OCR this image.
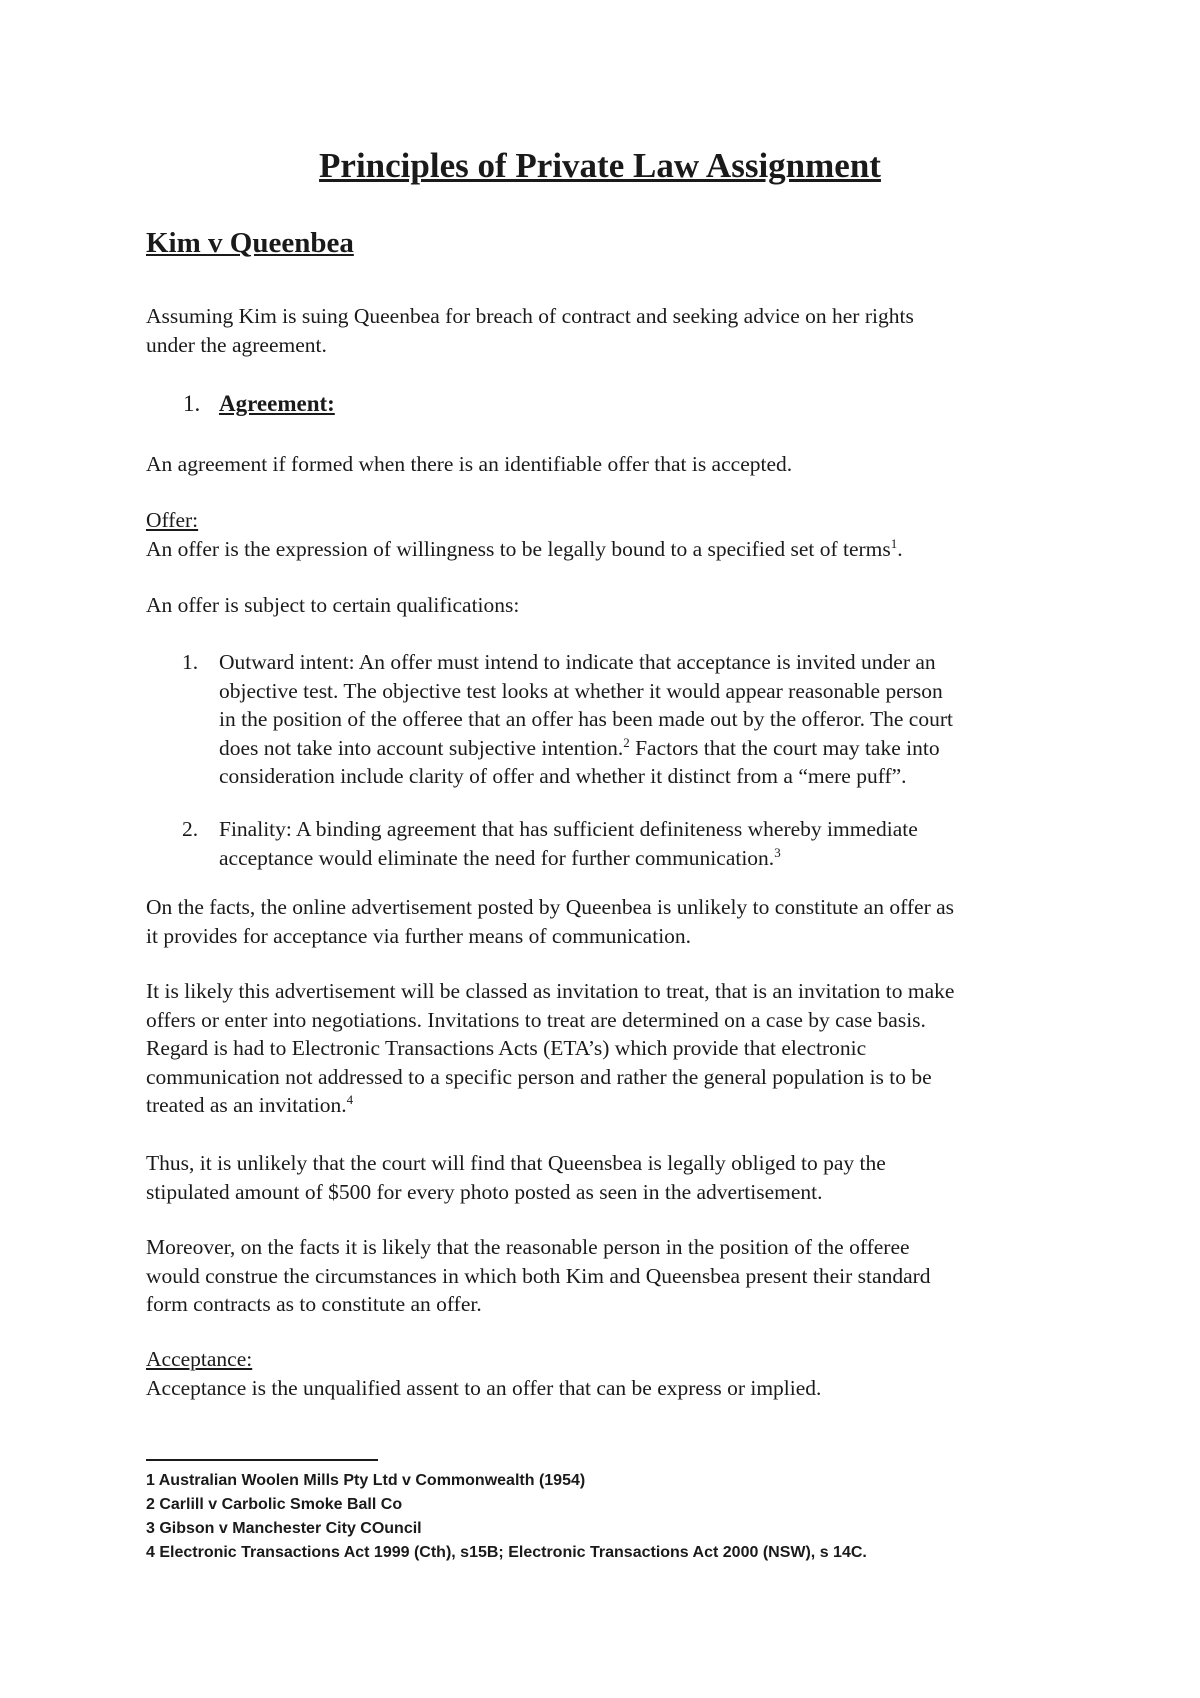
Principles of Private Law Assignment
Kim v Queenbea

Assuming Kim is suing Queenbea for breach of contract and seeking advice on her rights
under the agreement.

1. Agreement:

An agreement if formed when there is an identifiable offer that is accepted.

Offer:
An offer is the expression of willingness to be legally bound to a specified set of terms$^1$.

An offer is subject to certain qualifications:

1. Outward intent: An offer must intend to indicate that acceptance is invited under an
objective test. The objective test looks at whether it would appear reasonable person
in the position of the offeree that an offer has been made out by the offeror. The court
does not take into account subjective intention.$^2$ Factors that the court may take into
consideration include clarity of offer and whether it distinct from a “mere puff”.
2. Finality: A binding agreement that has sufficient definiteness whereby immediate
acceptance would eliminate the need for further communication.$^3$

On the facts, the online advertisement posted by Queenbea is unlikely to constitute an offer as
it provides for acceptance via further means of communication.

It is likely this advertisement will be classed as invitation to treat, that is an invitation to make
offers or enter into negotiations. Invitations to treat are determined on a case by case basis.
Regard is had to Electronic Transactions Acts (ETA’s) which provide that electronic
communication not addressed to a specific person and rather the general population is to be
treated as an invitation.$^4$

Thus, it is unlikely that the court will find that Queensbea is legally obliged to pay the
stipulated amount of $500 for every photo posted as seen in the advertisement.

Moreover, on the facts it is likely that the reasonable person in the position of the offeree
would construe the circumstances in which both Kim and Queensbea present their standard
form contracts as to constitute an offer.

Acceptance:
Acceptance is the unqualified assent to an offer that can be express or implied.

1 Australian Woolen Mills Pty Ltd v Commonwealth (1954)
2 Carlill v Carbolic Smoke Ball Co
3 Gibson v Manchester City COuncil
4 Electronic Transactions Act 1999 (Cth), s15B; Electronic Transactions Act 2000 (NSW), s 14C.
